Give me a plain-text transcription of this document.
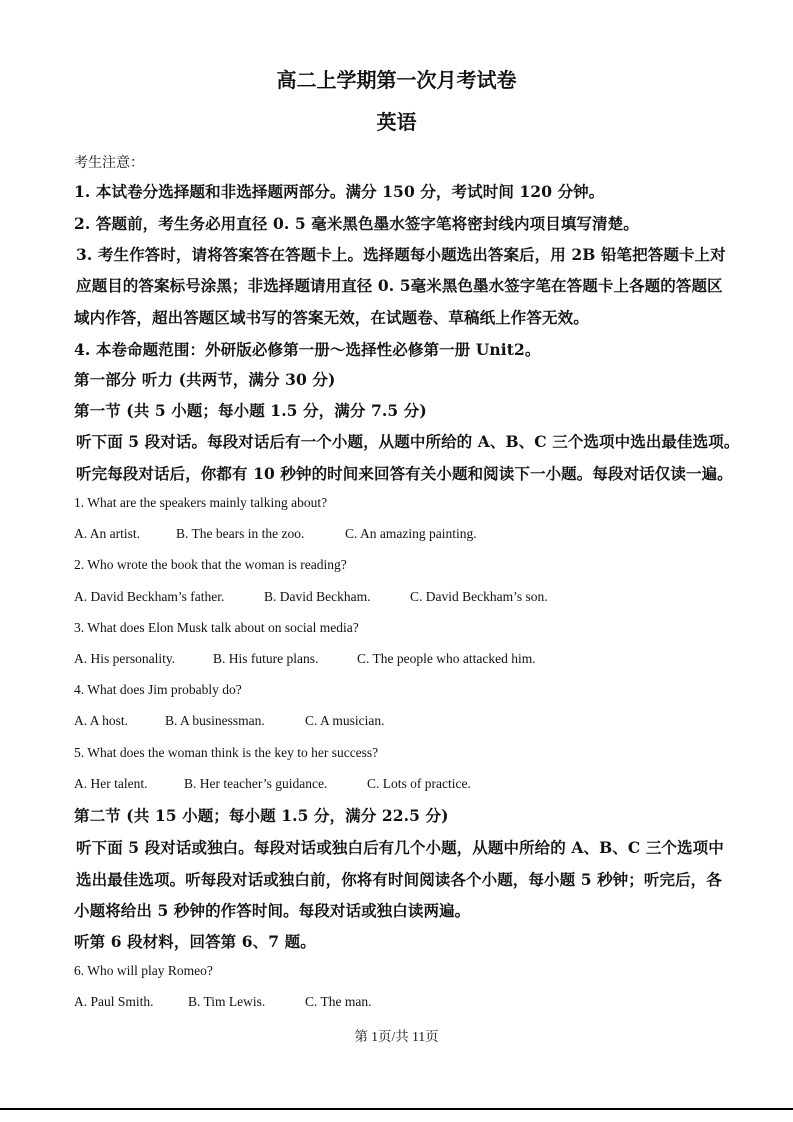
高二上学期第一次月考试卷
英语
考生注意：
1. 本试卷分选择题和非选择题两部分。满分 150 分，考试时间 120 分钟。
2. 答题前，考生务必用直径 0. 5 毫米黑色墨水签字笔将密封线内项目填写清楚。
3. 考生作答时，请将答案答在答题卡上。选择题每小题选出答案后，用 2B 铅笔把答题卡上对
应题目的答案标号涂黑；非选择题请用直径 0. 5毫米黑色墨水签字笔在答题卡上各题的答题区
域内作答，超出答题区域书写的答案无效，在试题卷、草稿纸上作答无效。
4. 本卷命题范围：外研版必修第一册～选择性必修第一册 Unit2。
第一部分 听力 (共两节，满分 30 分)
第一节 (共 5 小题；每小题 1.5 分，满分 7.5 分)
听下面 5 段对话。每段对话后有一个小题，从题中所给的 A、B、C 三个选项中选出最佳选项。
听完每段对话后，你都有 10 秒钟的时间来回答有关小题和阅读下一小题。每段对话仅读一遍。
1. What are the speakers mainly talking about?
A. An artist.	B. The bears in the zoo.	C. An amazing painting.
2. Who wrote the book that the woman is reading?
A. David Beckham’s father.	B. David Beckham.	C. David Beckham’s son.
3. What does Elon Musk talk about on social media?
A. His personality.	B. His future plans.	C. The people who attacked him.
4. What does Jim probably do?
A. A host.	B. A businessman.	C. A musician.
5. What does the woman think is the key to her success?
A. Her talent.	B. Her teacher’s guidance.	C. Lots of practice.
第二节 (共 15 小题；每小题 1.5 分，满分 22.5 分)
听下面 5 段对话或独白。每段对话或独白后有几个小题，从题中所给的 A、B、C 三个选项中
选出最佳选项。听每段对话或独白前，你将有时间阅读各个小题，每小题 5 秒钟；听完后，各
小题将给出 5 秒钟的作答时间。每段对话或独白读两遍。
听第 6 段材料，回答第 6、7 题。
6. Who will play Romeo?
A. Paul Smith.	B. Tim Lewis.	C. The man.
第 1页/共 11页
